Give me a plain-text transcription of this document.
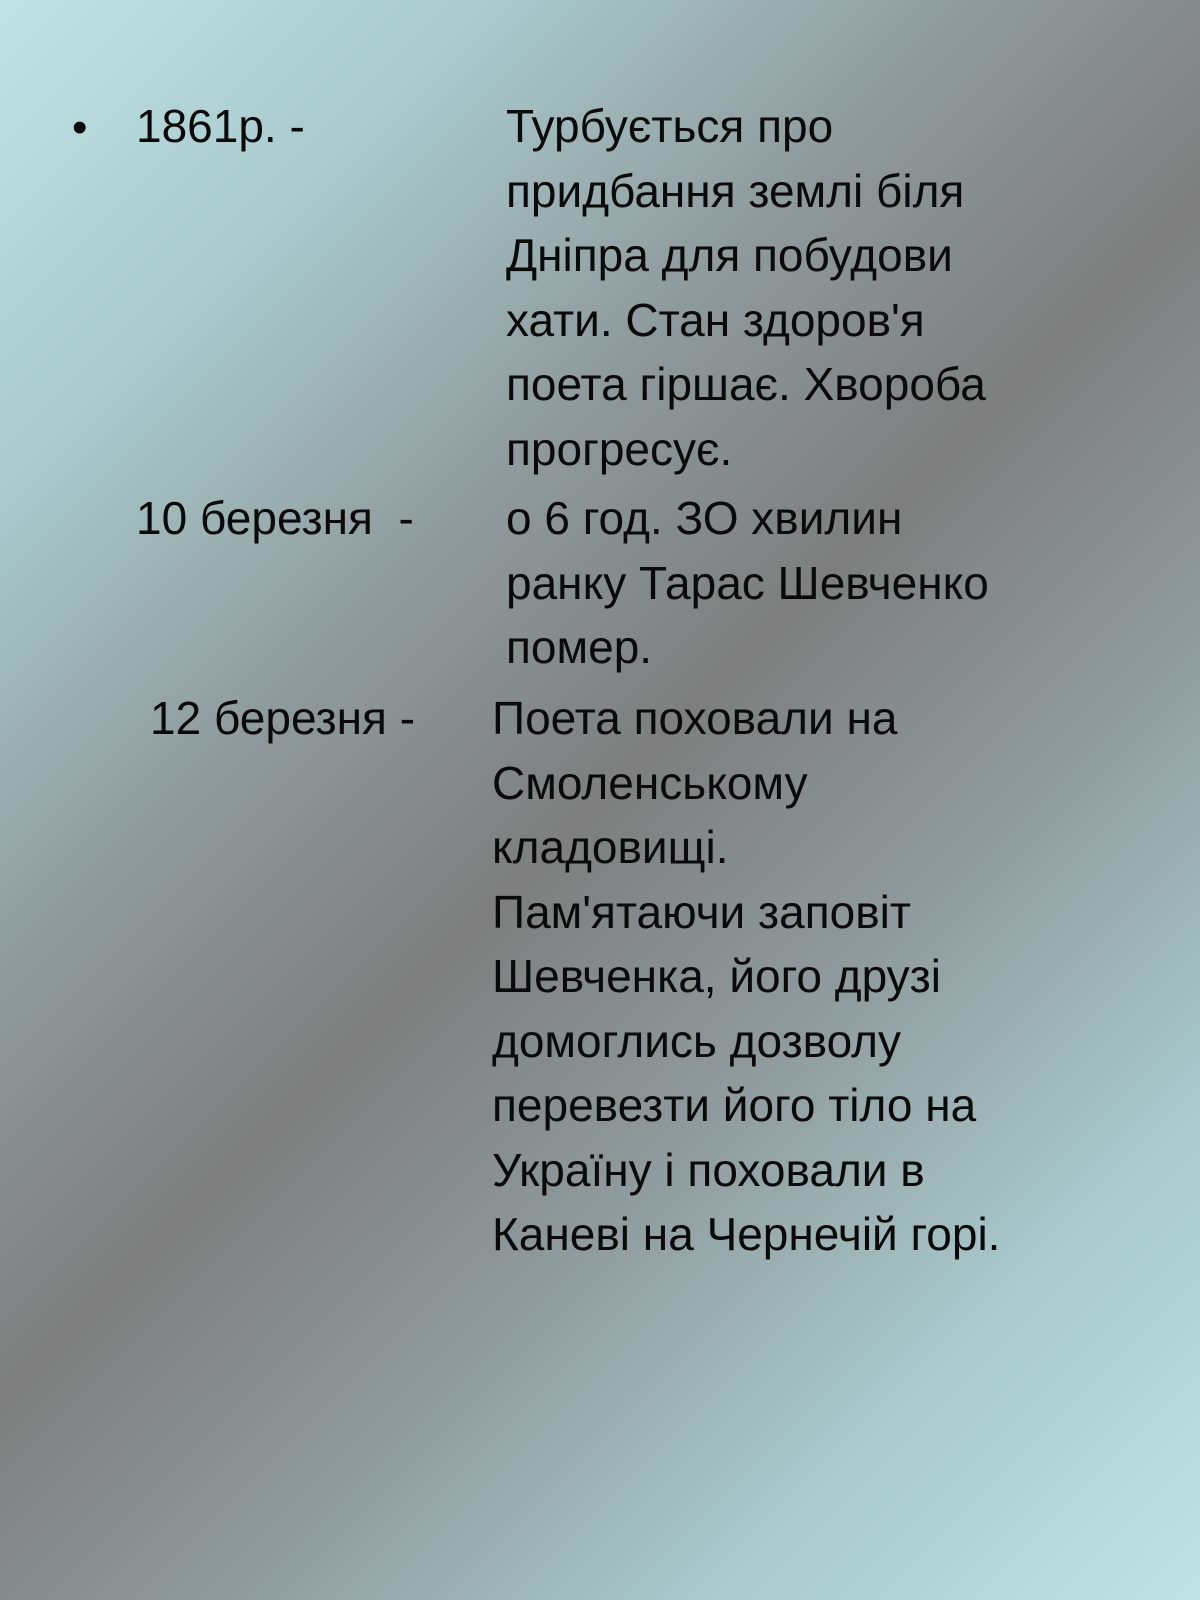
• 1861р. -	Турбується про
придбання землі біля
Дніпра для побудови
хати. Стан здоров'я
поета гіршає. Хвороба
прогресує.
10 березня  - о 6 год. ЗО хвилин
ранку Тарас Шевченко
помер.
12 березня - Поета поховали на
Смоленському
кладовищі.
Пам'ятаючи заповіт
Шевченка, його друзі
домоглись дозволу
перевезти його тіло на
Україну і поховали в
Каневі на Чернечій горі.
